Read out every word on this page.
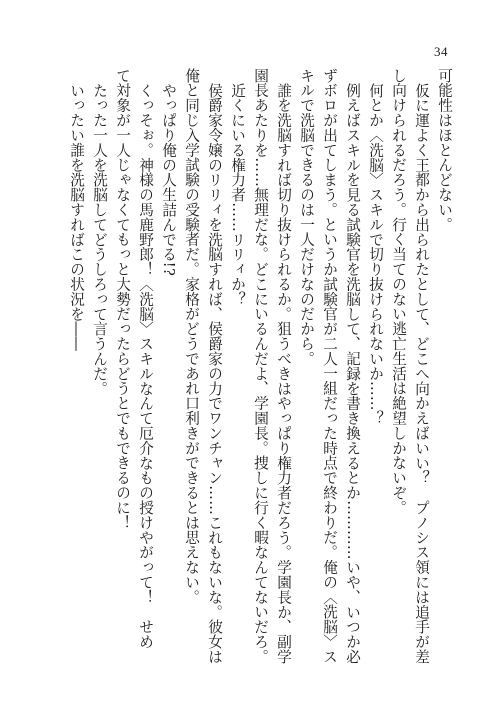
34
可能性はほとんどない。
仮に運よく王都から出られたとして、どこへ向かえばいい？　プノシス領には追手が差
し向けられるだろう。行く当てのない逃亡生活は絶望しかないぞ。
何とか〈洗脳〉スキルで切り抜けられないか……？
例えばスキルを見る試験官を洗脳して、記録を書き換えるとか…………いや、いつか必
ずボロが出てしまう。というか試験官が二人一組だった時点で終わりだ。俺の〈洗脳〉ス
キルで洗脳できるのは一人だけなのだから。
誰を洗脳すれば切り抜けられるか。狙うべきはやっぱり権力者だろう。学園長か、副学
園長あたりを……無理だな。どこにいるんだよ、学園長。捜しに行く暇なんてないだろ。
近くにいる権力者……リリィか？
侯爵家令嬢のリリィを洗脳すれば、侯爵家の力でワンチャン……これもないな。彼女は
俺と同じ入学試験の受験者だ。家格がどうであれ口利きができるとは思えない。
やっぱり俺の人生詰んでる!?
くっそぉ。神様の馬鹿野郎！〈洗脳〉スキルなんて厄介なもの授けやがって！　せめ
て対象が一人じゃなくてもっと大勢だったらどうとでもできるのに！
たった一人を洗脳してどうしろって言うんだ。
いったい誰を洗脳すればこの状況を――
